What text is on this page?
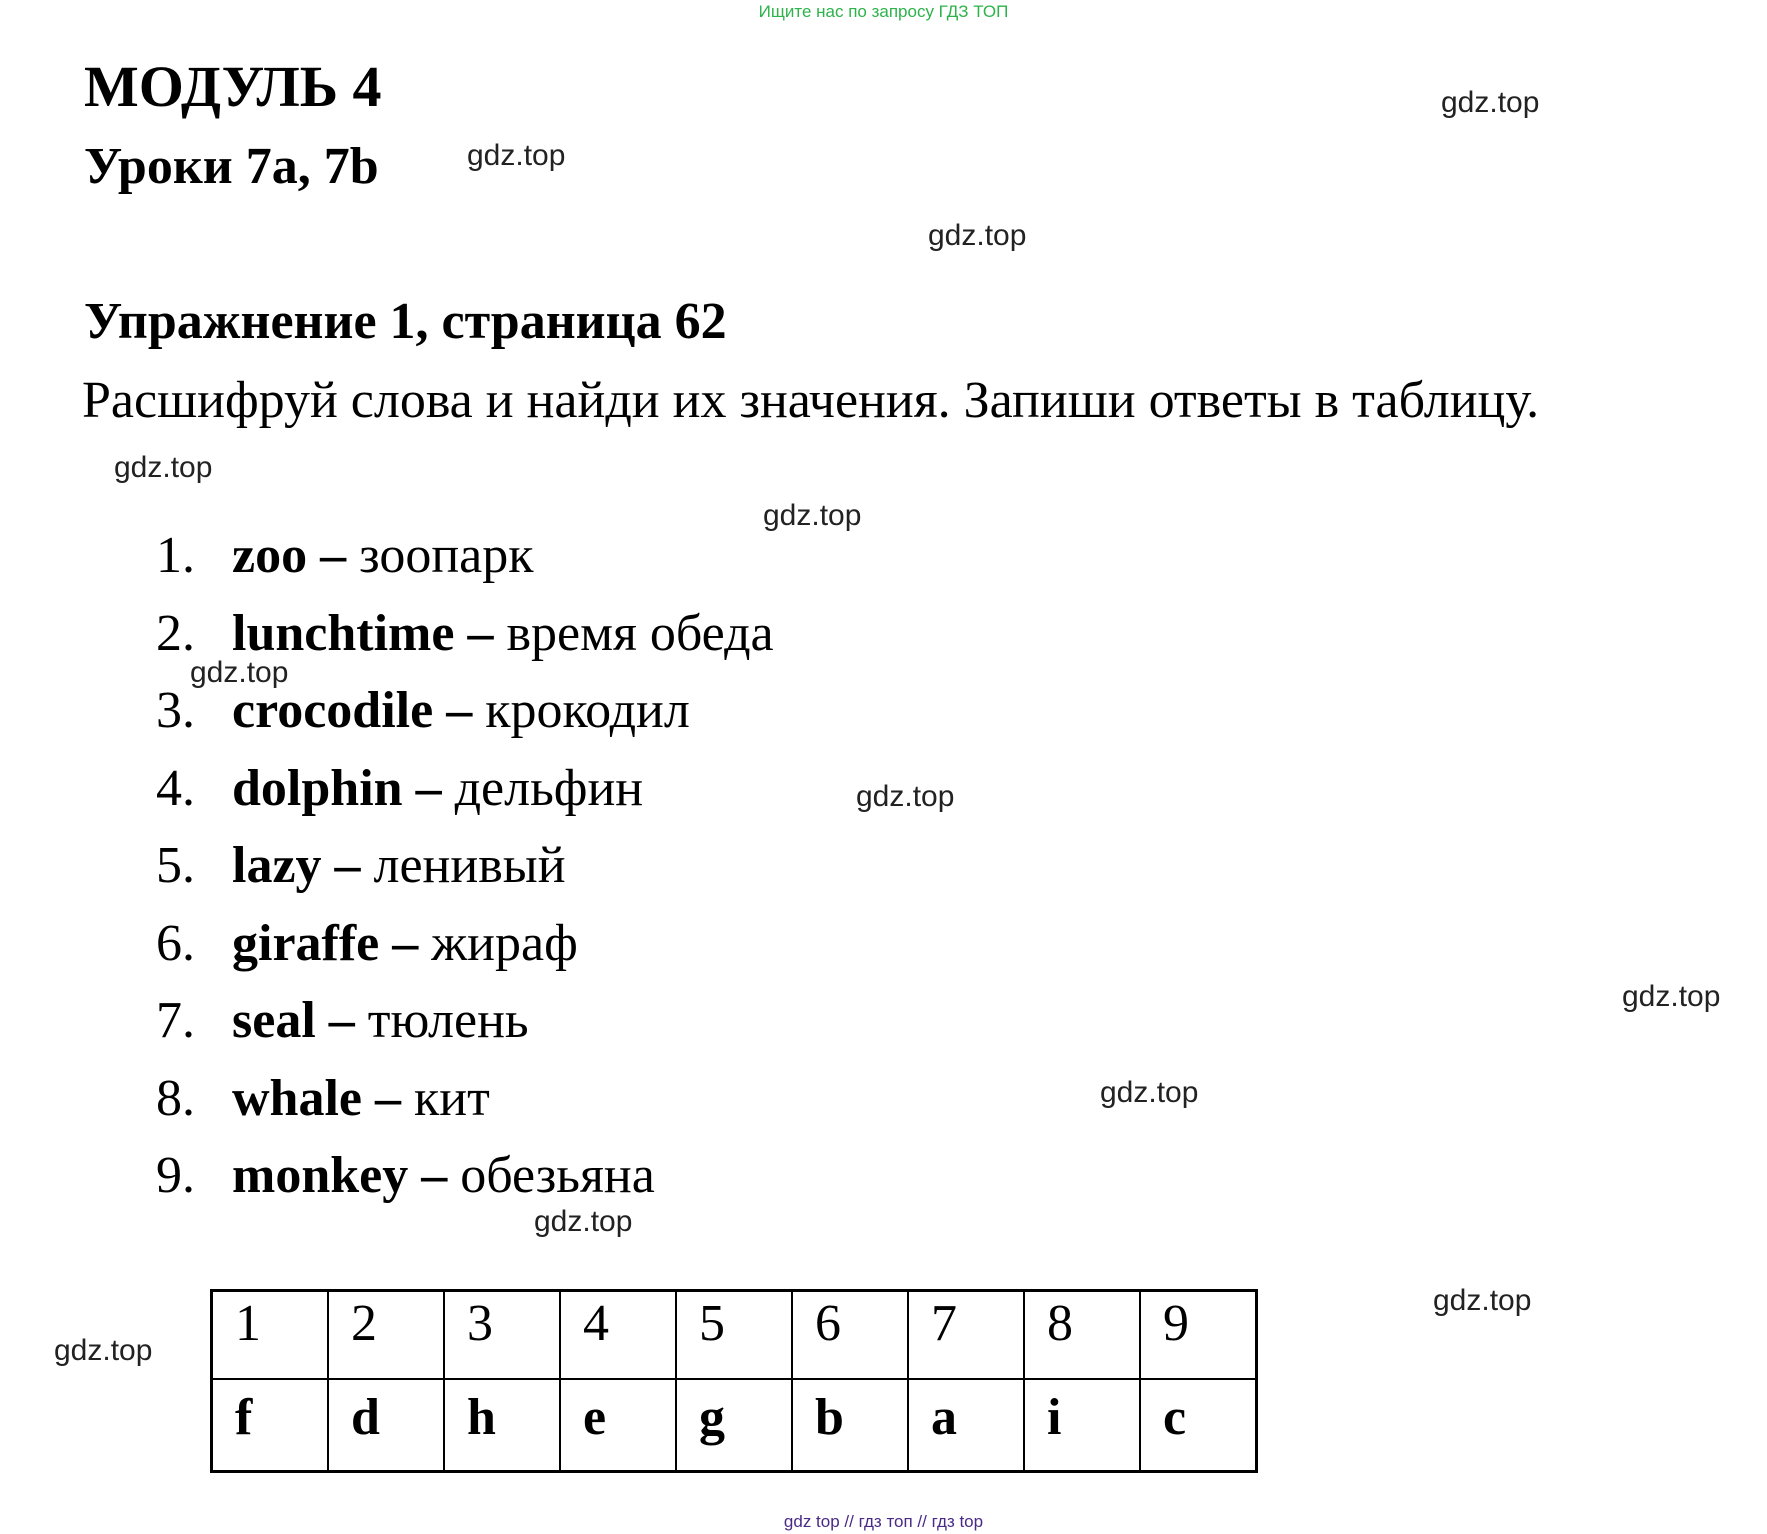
Ищите нас по запросу ГДЗ ТОП
МОДУЛЬ 4
Уроки 7a, 7b
Упражнение 1, страница 62
Расшифруй слова и найди их значения. Запиши ответы в таблицу.
gdz.top
gdz.top
gdz.top
gdz.top
gdz.top
gdz.top
gdz.top
gdz.top
gdz.top
gdz.top
gdz.top
gdz.top
1. zoo – зоопарк
2. lunchtime – время обеда
3. crocodile – крокодил
4. dolphin – дельфин
5. lazy – ленивый
6. giraffe – жираф
7. seal – тюлень
8. whale – кит
9. monkey – обезьяна
1	2	3	4	5	6	7	8	9
f	d	h	e	g	b	a	i	c
gdz top // гдз топ // гдз top
